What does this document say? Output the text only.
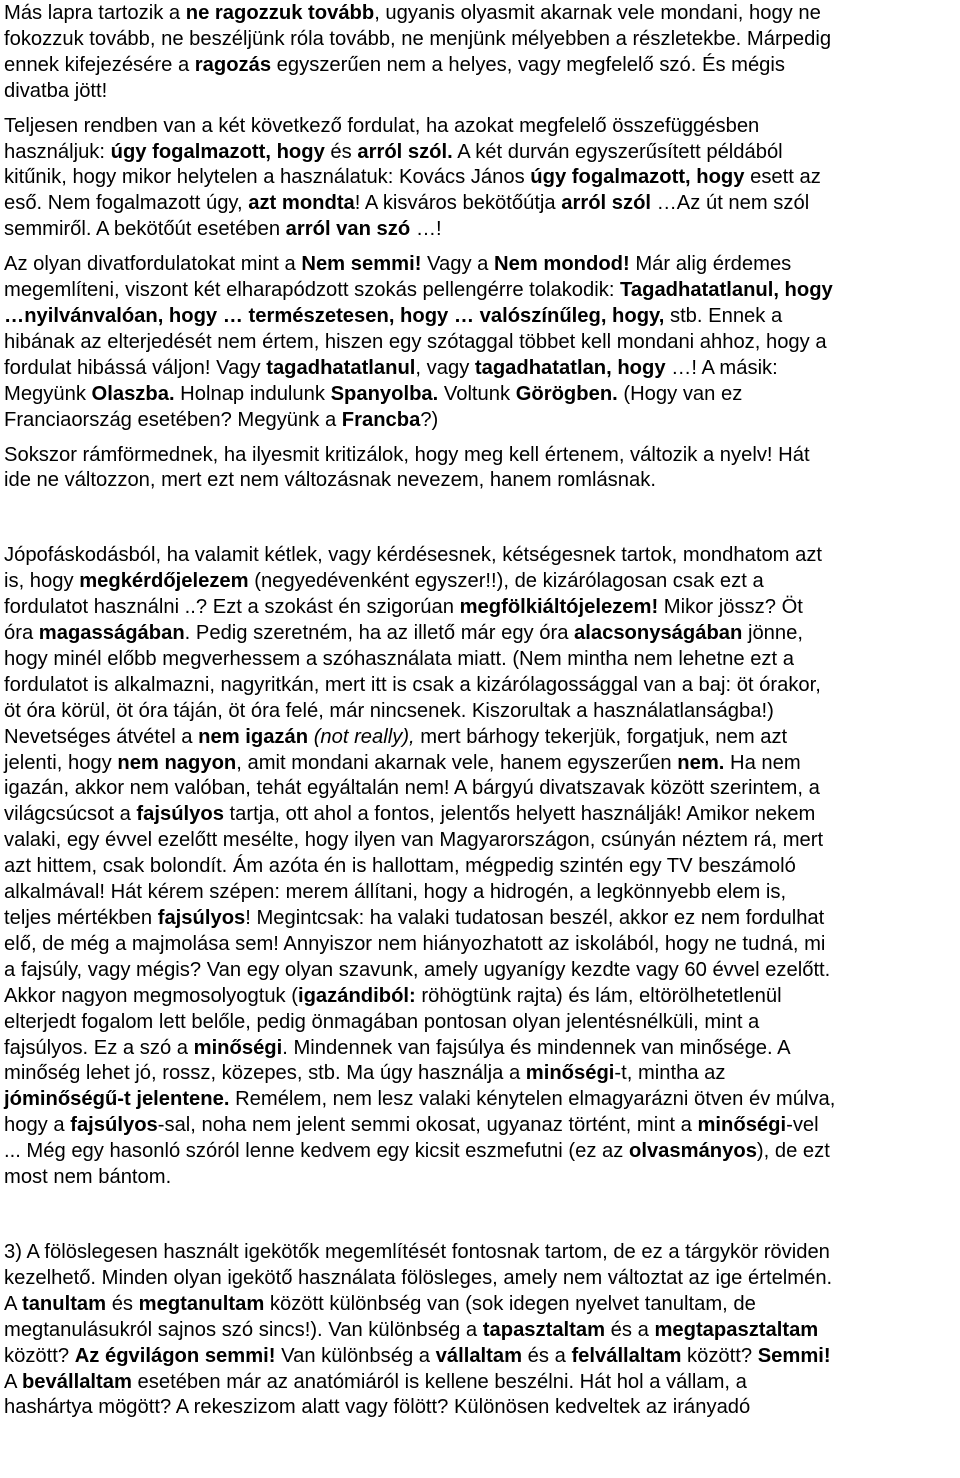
Más lapra tartozik a ne ragozzuk tovább, ugyanis olyasmit akarnak vele mondani, hogy ne
fokozzuk tovább, ne beszéljünk róla tovább, ne menjünk mélyebben a részletekbe. Márpedig
ennek kifejezésére a ragozás egyszerűen nem a helyes, vagy megfelelő szó. És mégis
divatba jött!

Teljesen rendben van a két következő fordulat, ha azokat megfelelő összefüggésben
használjuk: úgy fogalmazott, hogy és arról szól. A két durván egyszerűsített példából
kitűnik, hogy mikor helytelen a használatuk: Kovács János úgy fogalmazott, hogy esett az
eső. Nem fogalmazott úgy, azt mondta! A kisváros bekötőútja arról szól …Az út nem szól
semmiről. A bekötőút esetében arról van szó …!

Az olyan divatfordulatokat mint a Nem semmi! Vagy a Nem mondod! Már alig érdemes
megemlíteni, viszont két elharapódzott szokás pellengérre tolakodik: Tagadhatatlanul, hogy
…nyilvánvalóan, hogy … természetesen, hogy … valószínűleg, hogy, stb. Ennek a
hibának az elterjedését nem értem, hiszen egy szótaggal többet kell mondani ahhoz, hogy a
fordulat hibássá váljon! Vagy tagadhatatlanul, vagy tagadhatatlan, hogy …! A másik:
Megyünk Olaszba. Holnap indulunk Spanyolba. Voltunk Görögben. (Hogy van ez
Franciaország esetében? Megyünk a Francba?)

Sokszor rámförmednek, ha ilyesmit kritizálok, hogy meg kell értenem, változik a nyelv! Hát
ide ne változzon, mert ezt nem változásnak nevezem, hanem romlásnak.

Jópofáskodásból, ha valamit kétlek, vagy kérdésesnek, kétségesnek tartok, mondhatom azt
is, hogy megkérdőjelezem (negyedévenként egyszer!!), de kizárólagosan csak ezt a
fordulatot használni ..? Ezt a szokást én szigorúan megfölkiáltójelezem! Mikor jössz? Öt
óra magasságában. Pedig szeretném, ha az illető már egy óra alacsonyságában jönne,
hogy minél előbb megverhessem a szóhasználata miatt. (Nem mintha nem lehetne ezt a
fordulatot is alkalmazni, nagyritkán, mert itt is csak a kizárólagossággal van a baj: öt órakor,
öt óra körül, öt óra táján, öt óra felé, már nincsenek. Kiszorultak a használatlanságba!)
Nevetséges átvétel a nem igazán (not really), mert bárhogy tekerjük, forgatjuk, nem azt
jelenti, hogy nem nagyon, amit mondani akarnak vele, hanem egyszerűen nem. Ha nem
igazán, akkor nem valóban, tehát egyáltalán nem! A bárgyú divatszavak között szerintem, a
világcsúcsot a fajsúlyos tartja, ott ahol a fontos, jelentős helyett használják! Amikor nekem
valaki, egy évvel ezelőtt mesélte, hogy ilyen van Magyarországon, csúnyán néztem rá, mert
azt hittem, csak bolondít. Ám azóta én is hallottam, mégpedig szintén egy TV beszámoló
alkalmával! Hát kérem szépen: merem állítani, hogy a hidrogén, a legkönnyebb elem is,
teljes mértékben fajsúlyos! Megintcsak: ha valaki tudatosan beszél, akkor ez nem fordulhat
elő, de még a majmolása sem! Annyiszor nem hiányozhatott az iskolából, hogy ne tudná, mi
a fajsúly, vagy mégis? Van egy olyan szavunk, amely ugyanígy kezdte vagy 60 évvel ezelőtt.
Akkor nagyon megmosolyogtuk (igazándiból: röhögtünk rajta) és lám, eltörölhetetlenül
elterjedt fogalom lett belőle, pedig önmagában pontosan olyan jelentésnélküli, mint a
fajsúlyos. Ez a szó a minőségi. Mindennek van fajsúlya és mindennek van minősége. A
minőség lehet jó, rossz, közepes, stb. Ma úgy használja a minőségi-t, mintha az
jóminőségű-t jelentene. Remélem, nem lesz valaki kénytelen elmagyarázni ötven év múlva,
hogy a fajsúlyos-sal, noha nem jelent semmi okosat, ugyanaz történt, mint a minőségi-vel
... Még egy hasonló szóról lenne kedvem egy kicsit eszmefutni (ez az olvasmányos), de ezt
most nem bántom.

3) A fölöslegesen használt igekötők megemlítését fontosnak tartom, de ez a tárgykör röviden
kezelhető. Minden olyan igekötő használata fölösleges, amely nem változtat az ige értelmén.
A tanultam és megtanultam között különbség van (sok idegen nyelvet tanultam, de
megtanulásukról sajnos szó sincs!). Van különbség a tapasztaltam és a megtapasztaltam
között? Az égvilágon semmi! Van különbség a vállaltam és a felvállaltam között? Semmi!
A bevállaltam esetében már az anatómiáról is kellene beszélni. Hát hol a vállam, a
hashártya mögött? A rekeszizom alatt vagy fölött? Különösen kedveltek az irányadó
